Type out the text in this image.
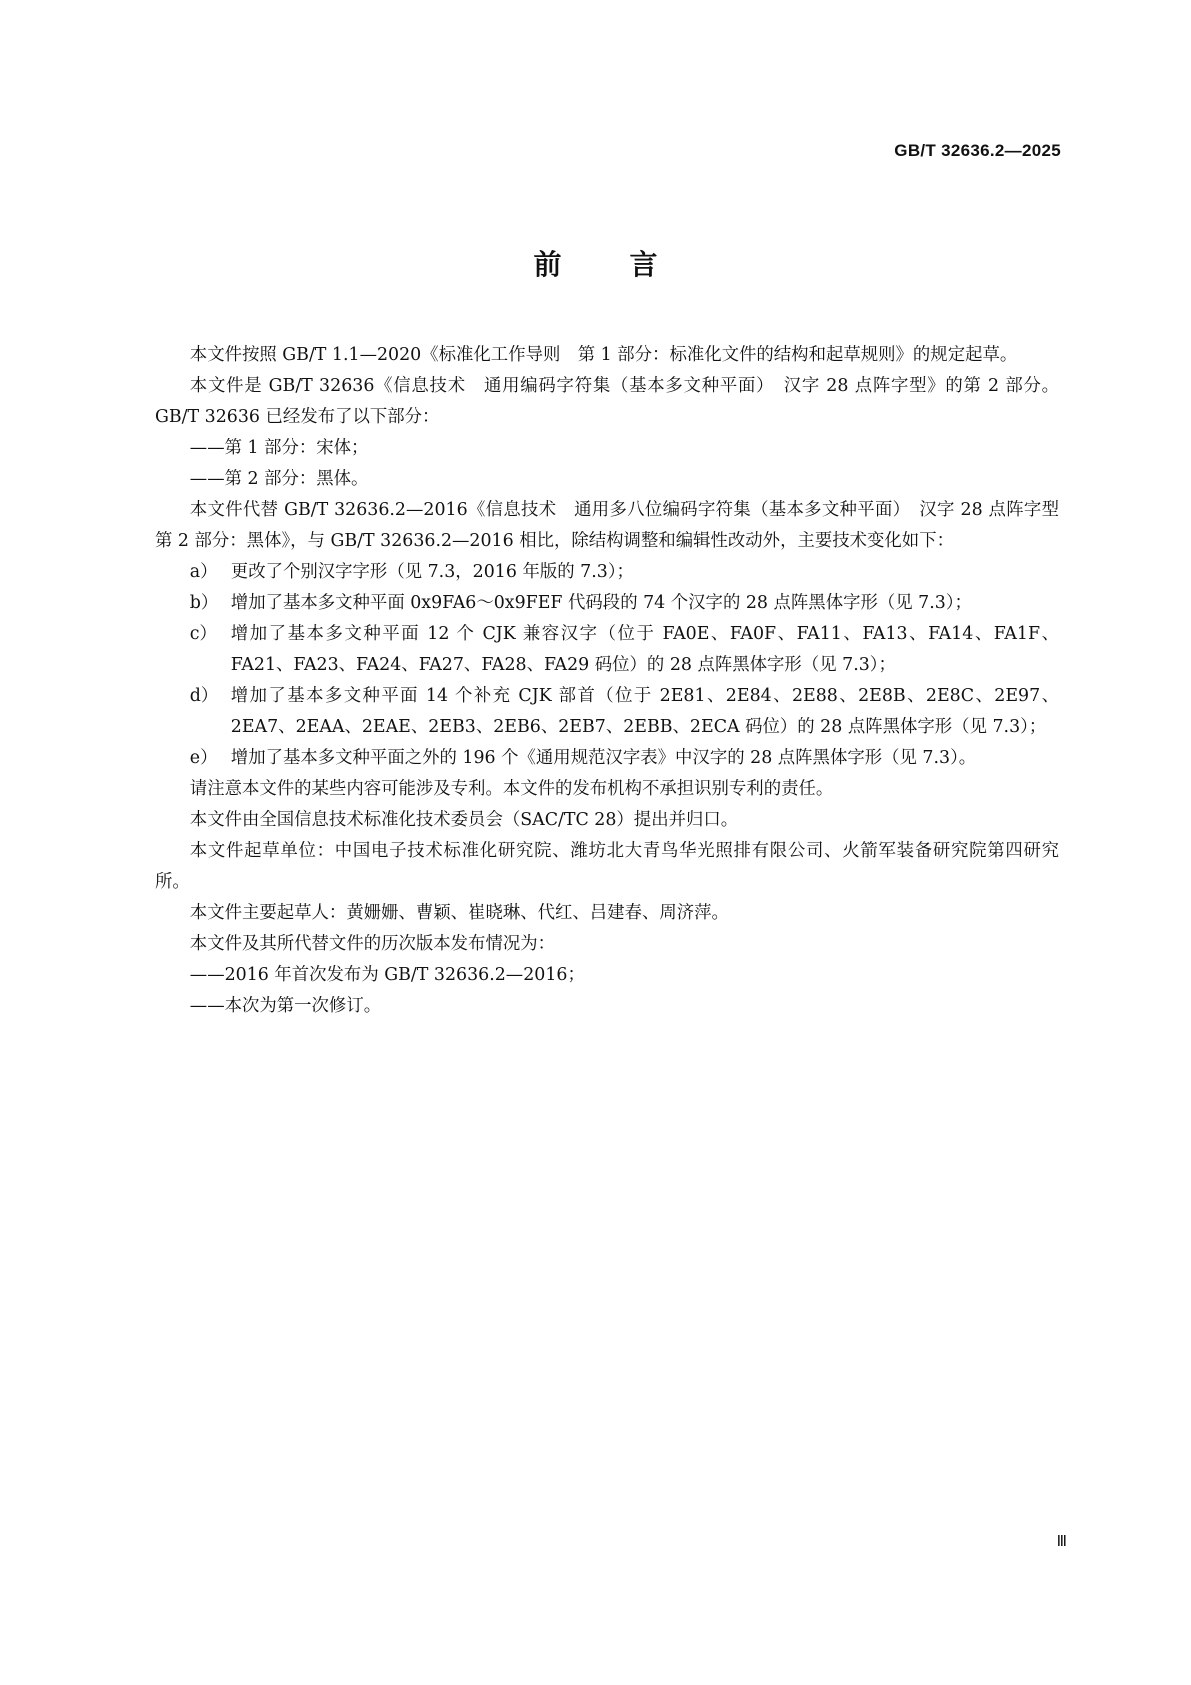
GB/T 32636.2—2025
前言

本文件按照 GB/T 1.1—2020《标准化工作导则　第 1 部分：标准化文件的结构和起草规则》的规定起草。

本文件是 GB/T 32636《信息技术　通用编码字符集（基本多文种平面）　汉字 28 点阵字型》的第 2 部分。GB/T 32636 已经发布了以下部分：

——第 1 部分：宋体；

——第 2 部分：黑体。

本文件代替 GB/T 32636.2—2016《信息技术　通用多八位编码字符集（基本多文种平面）　汉字 28 点阵字型　第 2 部分：黑体》，与 GB/T 32636.2—2016 相比，除结构调整和编辑性改动外，主要技术变化如下：

a） 更改了个别汉字字形（见 7.3，2016 年版的 7.3）；
b） 增加了基本多文种平面 0x9FA6～0x9FEF 代码段的 74 个汉字的 28 点阵黑体字形（见 7.3）；
c） 增加了基本多文种平面 12 个 CJK 兼容汉字（位于 FA0E、FA0F、FA11、FA13、FA14、FA1F、FA21、FA23、FA24、FA27、FA28、FA29 码位）的 28 点阵黑体字形（见 7.3）；
d） 增加了基本多文种平面 14 个补充 CJK 部首（位于 2E81、2E84、2E88、2E8B、2E8C、2E97、2EA7、2EAA、2EAE、2EB3、2EB6、2EB7、2EBB、2ECA 码位）的 28 点阵黑体字形（见 7.3）；
e） 增加了基本多文种平面之外的 196 个《通用规范汉字表》中汉字的 28 点阵黑体字形（见 7.3）。

请注意本文件的某些内容可能涉及专利。本文件的发布机构不承担识别专利的责任。

本文件由全国信息技术标准化技术委员会（SAC/TC 28）提出并归口。

本文件起草单位：中国电子技术标准化研究院、潍坊北大青鸟华光照排有限公司、火箭军装备研究院第四研究所。

本文件主要起草人：黄姗姗、曹颖、崔晓琳、代红、吕建春、周济萍。

本文件及其所代替文件的历次版本发布情况为：

——2016 年首次发布为 GB/T 32636.2—2016；

——本次为第一次修订。

Ⅲ
